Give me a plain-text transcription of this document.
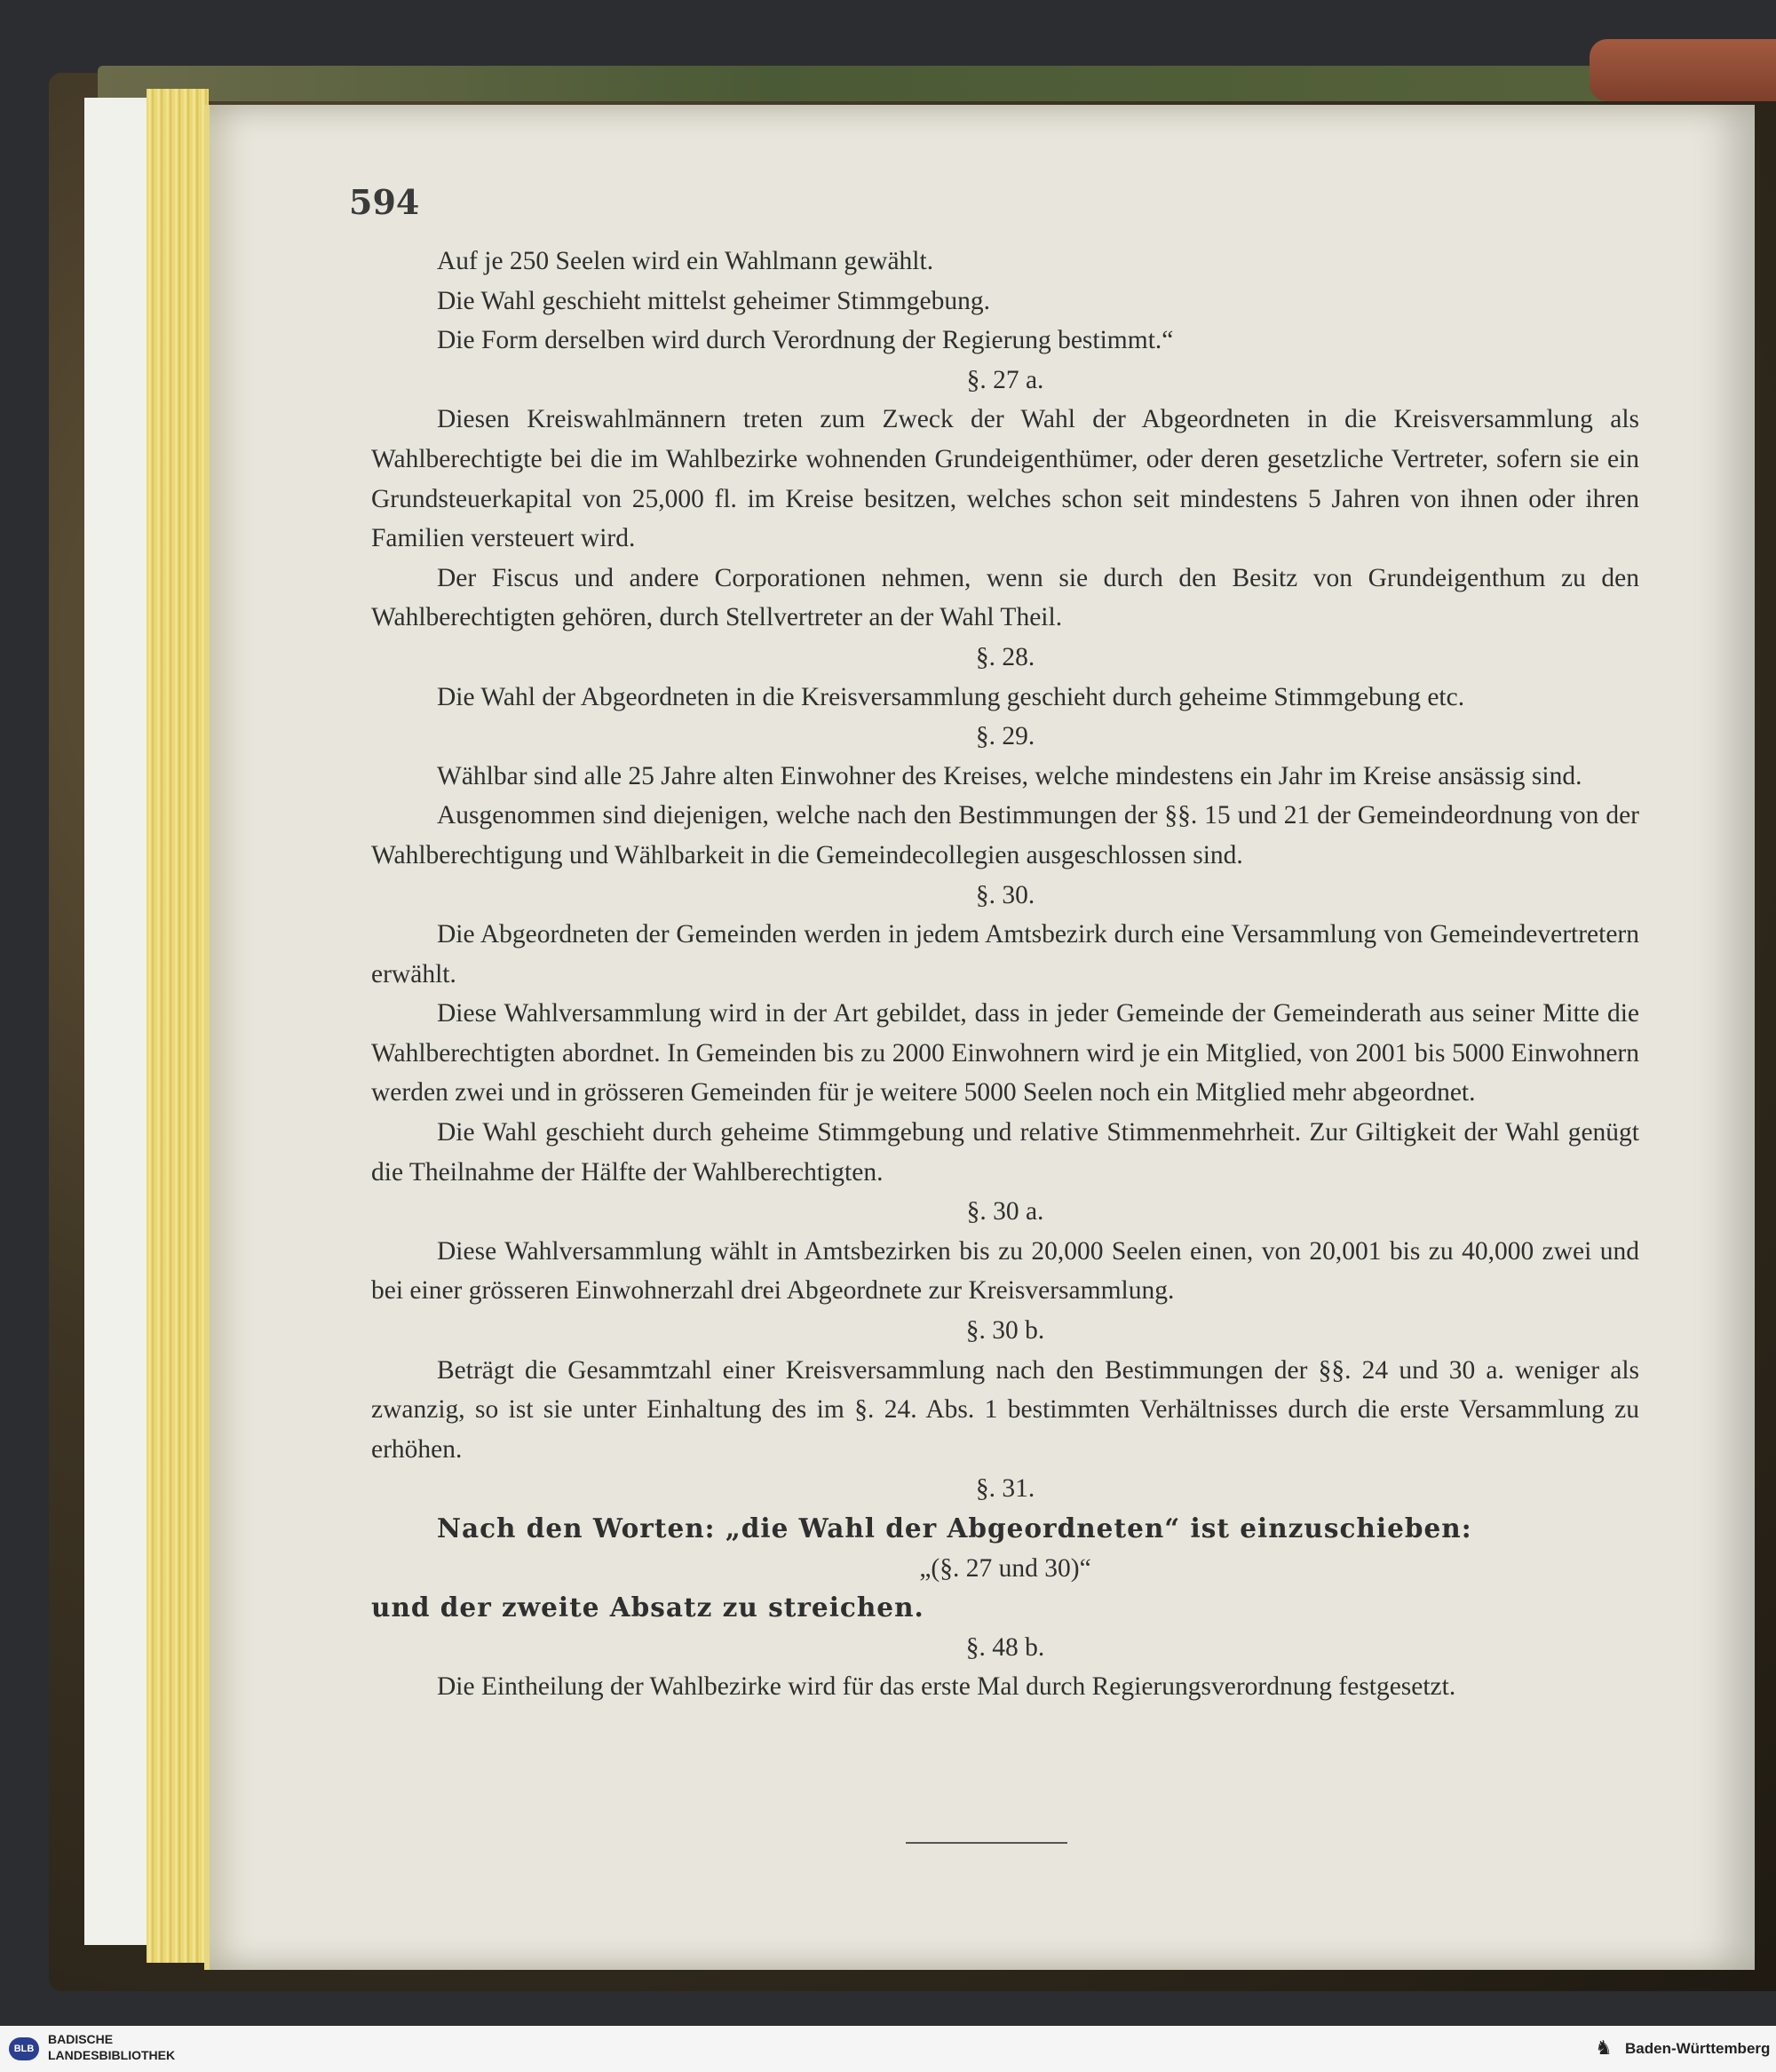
594

Auf je 250 Seelen wird ein Wahlmann gewählt.

Die Wahl geschieht mittelst geheimer Stimmgebung.

Die Form derselben wird durch Verordnung der Regierung bestimmt.“

§. 27 a.

Diesen Kreiswahlmännern treten zum Zweck der Wahl der Abgeordneten in die Kreisversammlung als Wahlberechtigte bei die im Wahlbezirke wohnenden Grundeigenthümer, oder deren gesetzliche Vertreter, sofern sie ein Grundsteuerkapital von 25,000 fl. im Kreise besitzen, welches schon seit mindestens 5 Jahren von ihnen oder ihren Familien versteuert wird.

Der Fiscus und andere Corporationen nehmen, wenn sie durch den Besitz von Grundeigenthum zu den Wahlberechtigten gehören, durch Stellvertreter an der Wahl Theil.

§. 28.

Die Wahl der Abgeordneten in die Kreisversammlung geschieht durch geheime Stimmgebung etc.

§. 29.

Wählbar sind alle 25 Jahre alten Einwohner des Kreises, welche mindestens ein Jahr im Kreise ansässig sind.

Ausgenommen sind diejenigen, welche nach den Bestimmungen der §§. 15 und 21 der Gemeindeordnung von der Wahlberechtigung und Wählbarkeit in die Gemeindecollegien ausgeschlossen sind.

§. 30.

Die Abgeordneten der Gemeinden werden in jedem Amtsbezirk durch eine Versammlung von Gemeindevertretern erwählt.

Diese Wahlversammlung wird in der Art gebildet, dass in jeder Gemeinde der Gemeinderath aus seiner Mitte die Wahlberechtigten abordnet. In Gemeinden bis zu 2000 Einwohnern wird je ein Mitglied, von 2001 bis 5000 Einwohnern werden zwei und in grösseren Gemeinden für je weitere 5000 Seelen noch ein Mitglied mehr abgeordnet.

Die Wahl geschieht durch geheime Stimmgebung und relative Stimmenmehrheit. Zur Giltigkeit der Wahl genügt die Theilnahme der Hälfte der Wahlberechtigten.

§. 30 a.

Diese Wahlversammlung wählt in Amtsbezirken bis zu 20,000 Seelen einen, von 20,001 bis zu 40,000 zwei und bei einer grösseren Einwohnerzahl drei Abgeordnete zur Kreisversammlung.

§. 30 b.

Beträgt die Gesammtzahl einer Kreisversammlung nach den Bestimmungen der §§. 24 und 30 a. weniger als zwanzig, so ist sie unter Einhaltung des im §. 24. Abs. 1 bestimmten Verhältnisses durch die erste Versammlung zu erhöhen.

§. 31.

Nach den Worten: „die Wahl der Abgeordneten“ ist einzuschieben:

„(§. 27 und 30)“

und der zweite Absatz zu streichen.

§. 48 b.

Die Eintheilung der Wahlbezirke wird für das erste Mal durch Regierungsverordnung festgesetzt.

BLB
BADISCHE
LANDESBIBLIOTHEK	♞ Baden-Württemberg
